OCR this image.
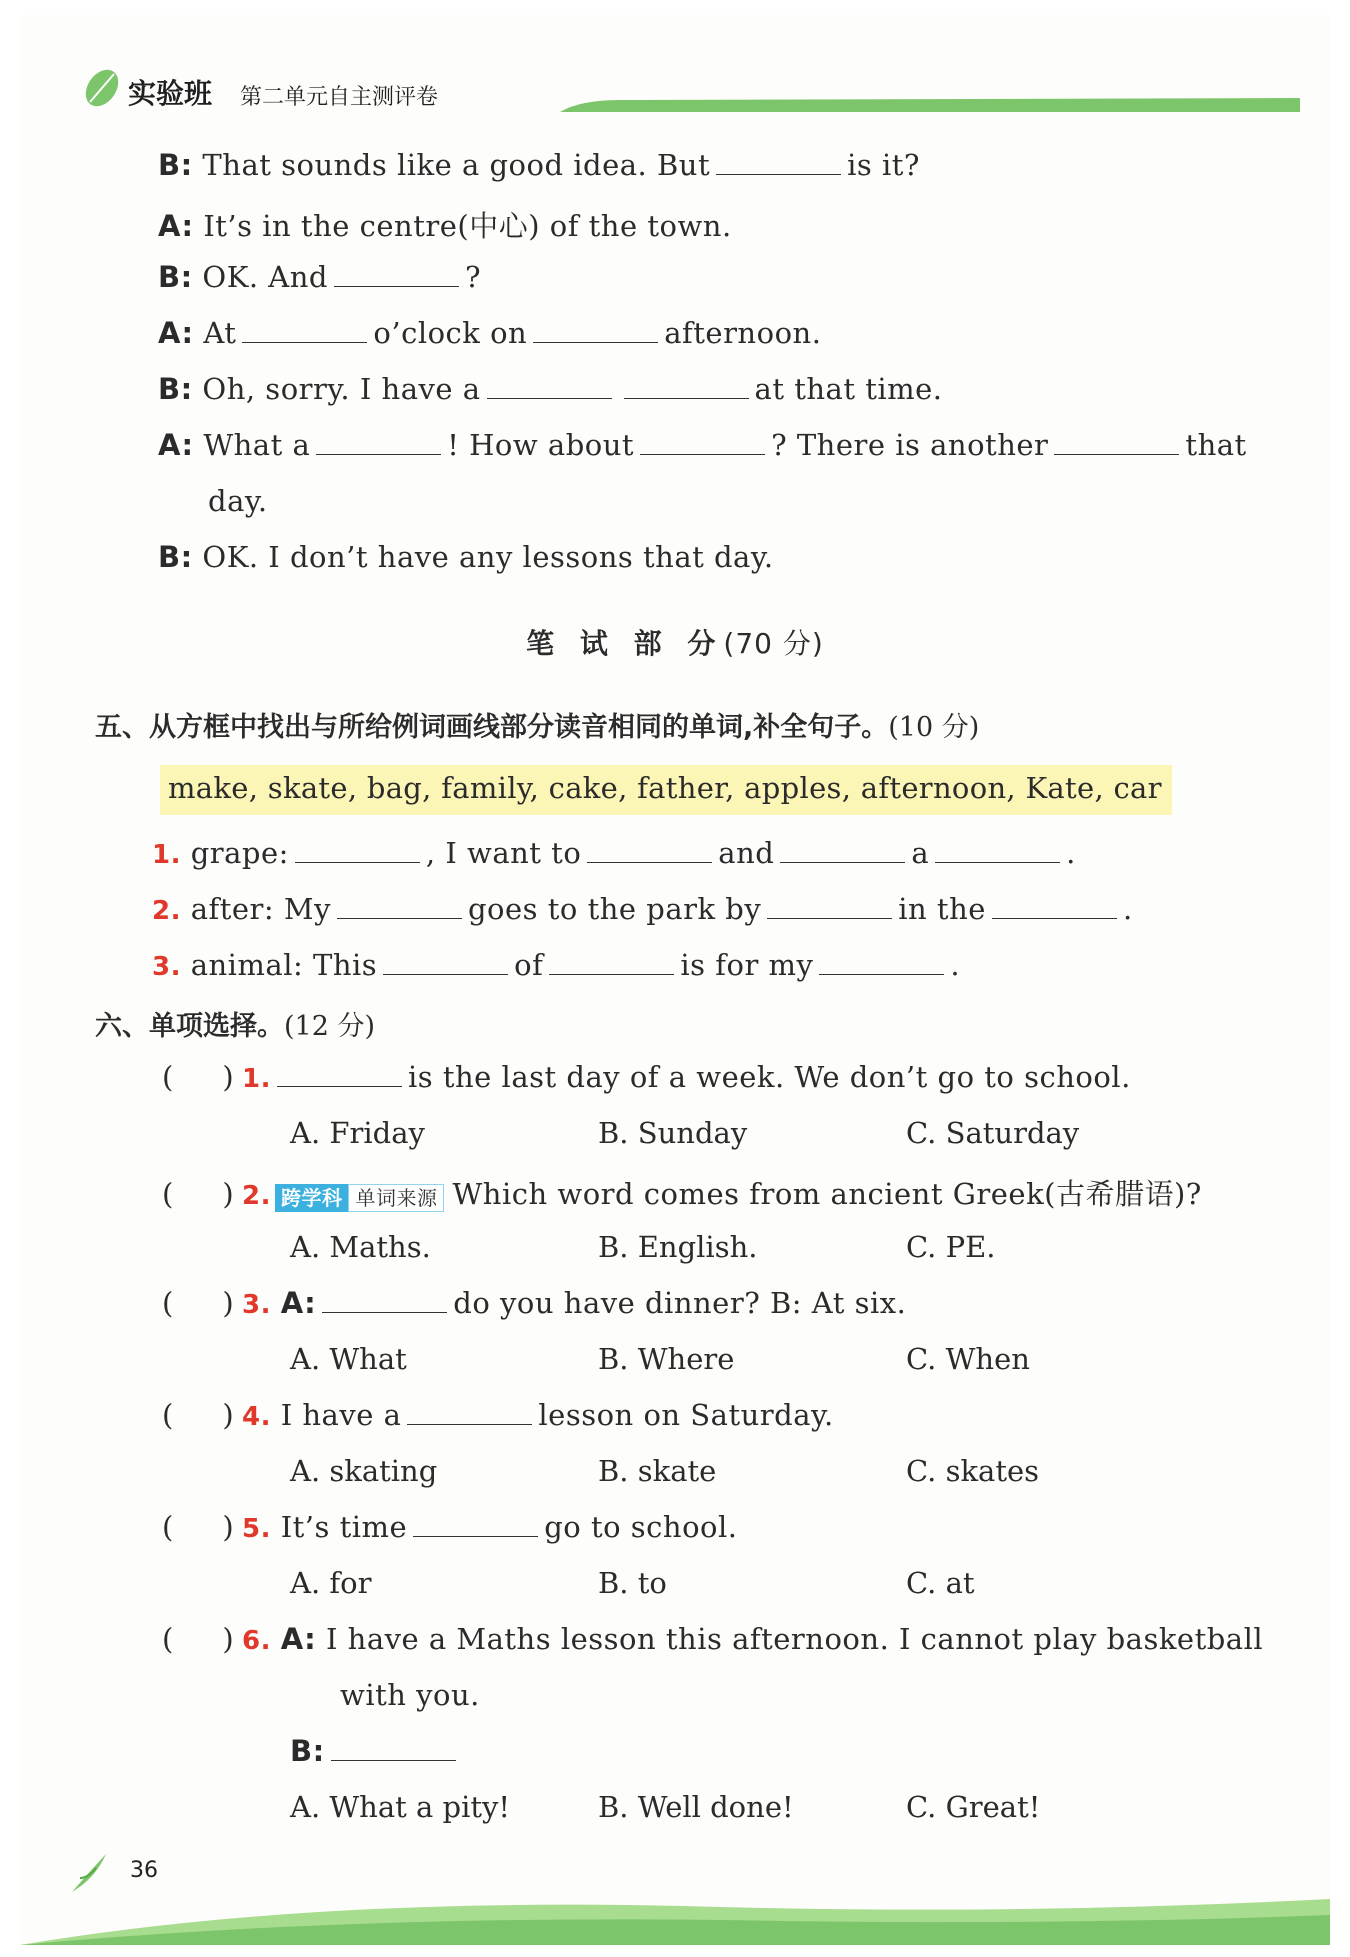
实验班 第二单元自主测评卷
B: That sounds like a good idea. But	is it?
A: It’s in the centre(中心) of the town.
B: OK. And	?
A: At	o’clock on	afternoon.
B: Oh, sorry. I have a	at that time.
A: What a	! How about	? There is another	that
day.
B: OK. I don’t have any lessons that day.
笔 试 部 分(70 分)
五、从方框中找出与所给例词画线部分读音相同的单词,补全句子。(10 分)
make, skate, bag, family, cake, father, apples, afternoon, Kate, car
1. grape:	, I want to	and	a	.
2. after: My	goes to the park by	in the	.
3. animal: This	of	is for my	.
六、单项选择。(12 分)
(     ) 1.	is the last day of a week. We don’t go to school.
A. Friday	B. Sunday	C. Saturday
(     ) 2. 跨学科 单词来源 Which word comes from ancient Greek(古希腊语)?
A. Maths.	B. English.	C. PE.
(     ) 3. A:	do you have dinner? B: At six.
A. What	B. Where	C. When
(     ) 4. I have a	lesson on Saturday.
A. skating	B. skate	C. skates
(     ) 5. It’s time	go to school.
A. for	B. to	C. at
(     ) 6. A: I have a Maths lesson this afternoon. I cannot play basketball
with you.
B:
A. What a pity!	B. Well done!	C. Great!
36
